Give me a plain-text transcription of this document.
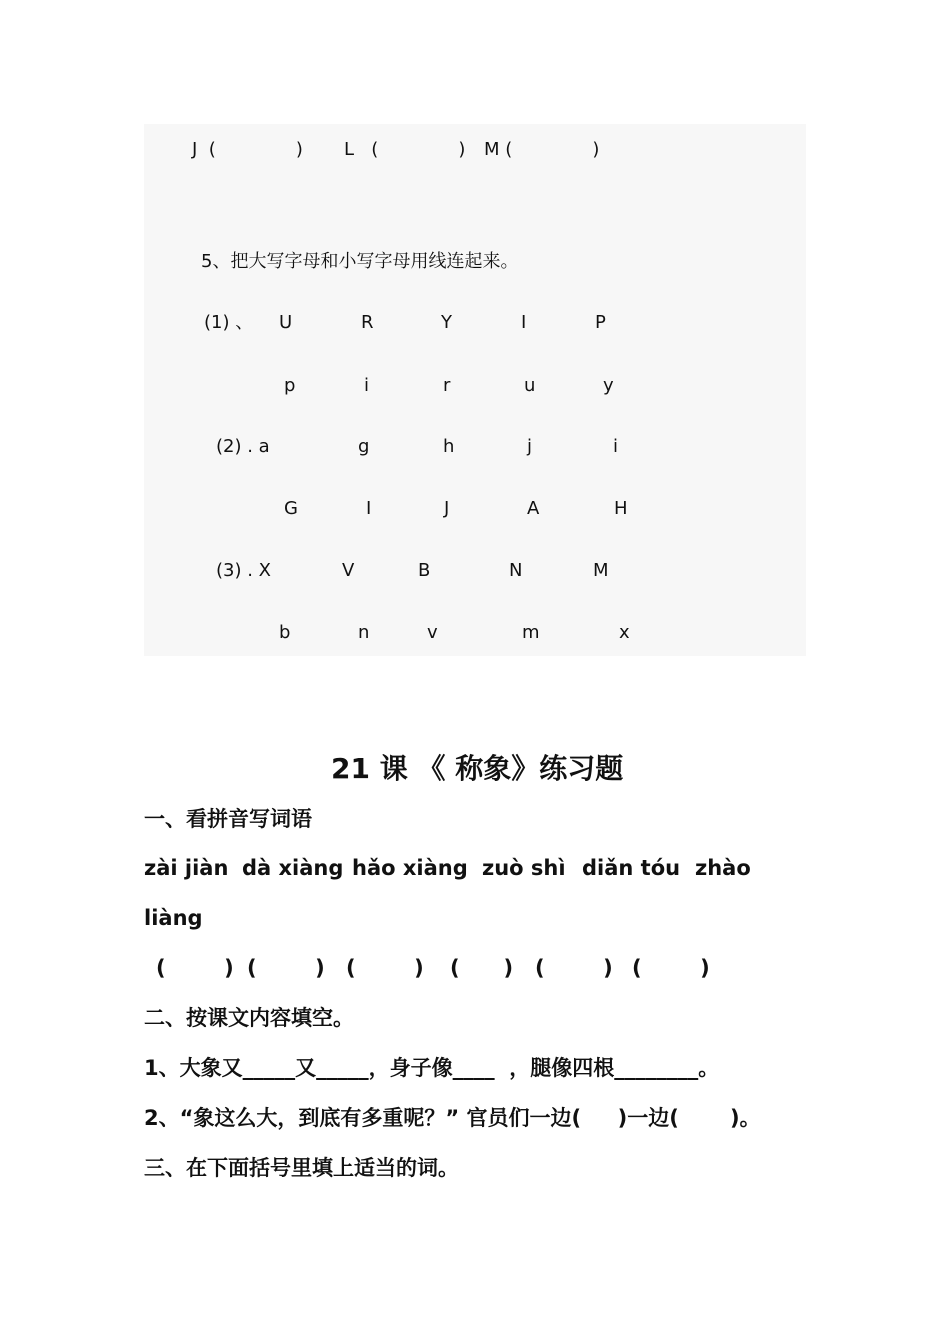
J  (              ) L   (              ) M (              )
5、把大写字母和小写字母用线连起来。
(1) 、 U	R	Y	I	P
p	i	r	u	y
(2) . a	g	h	j	i
G	I	J	A	H
(3) . X	V	B	N	M
b	n	v	m	x
21 课 《 称象》练习题
一、看拼音写词语
zài jiàn dà xiàng hǎo xiàng zuò shì diǎn tóu zhào
liàng
(        ) (        ) (        ) (      ) (        ) (        )
二、按课文内容填空。
1、大象又_____又_____，身子像____  ，腿像四根________。
2、“象这么大，到底有多重呢？” 官员们一边(     )一边(       )。
三、在下面括号里填上适当的词。
